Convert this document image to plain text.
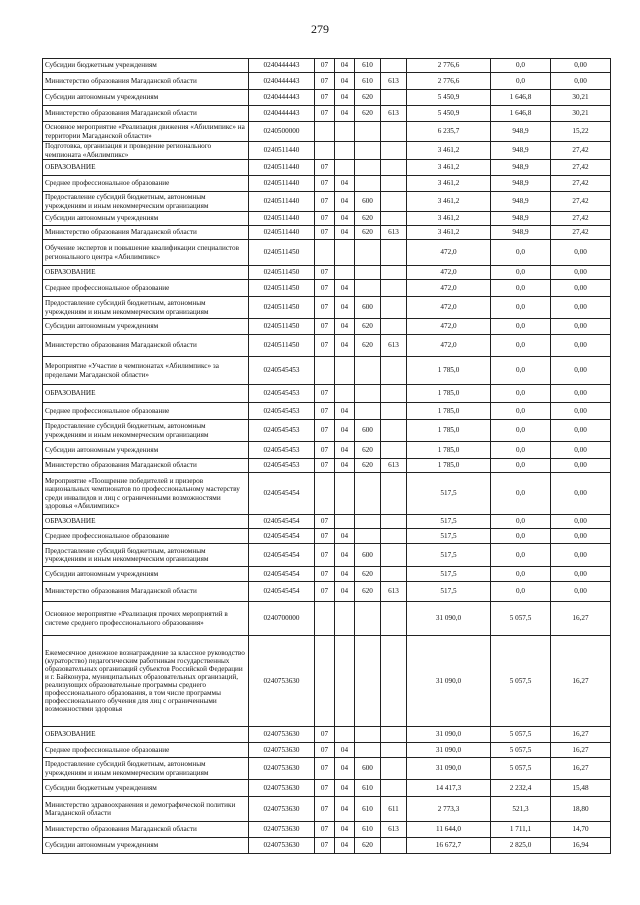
279
Субсидии бюджетным учреждениям	0240444443	07	04	610		2 776,6	0,0	0,00
Министерство образования Магаданской области	0240444443	07	04	610	613	2 776,6	0,0	0,00
Субсидии автономным учреждениям	0240444443	07	04	620		5 450,9	1 646,8	30,21
Министерство образования Магаданской области	0240444443	07	04	620	613	5 450,9	1 646,8	30,21
Основное мероприятие «Реализация движения «Абилимпикс» на территории Магаданской области»	0240500000					6 235,7	948,9	15,22
Подготовка, организация и проведение регионального чемпионата «Абилимпикс»	0240511440					3 461,2	948,9	27,42
ОБРАЗОВАНИЕ	0240511440	07				3 461,2	948,9	27,42
Среднее профессиональное образование	0240511440	07	04			3 461,2	948,9	27,42
Предоставление субсидий бюджетным, автономным учреждениям и иным некоммерческим организациям	0240511440	07	04	600		3 461,2	948,9	27,42
Субсидии автономным учреждениям	0240511440	07	04	620		3 461,2	948,9	27,42
Министерство образования Магаданской области	0240511440	07	04	620	613	3 461,2	948,9	27,42
Обучение экспертов и повышение квалификации специалистов регионального центра «Абилимпикс»	0240511450					472,0	0,0	0,00
ОБРАЗОВАНИЕ	0240511450	07				472,0	0,0	0,00
Среднее профессиональное образование	0240511450	07	04			472,0	0,0	0,00
Предоставление субсидий бюджетным, автономным учреждениям и иным некоммерческим организациям	0240511450	07	04	600		472,0	0,0	0,00
Субсидии автономным учреждениям	0240511450	07	04	620		472,0	0,0	0,00
Министерство образования Магаданской области	0240511450	07	04	620	613	472,0	0,0	0,00
Мероприятие «Участие в чемпионатах «Абилимпикс» за пределами Магаданской области»	0240545453					1 785,0	0,0	0,00
ОБРАЗОВАНИЕ	0240545453	07				1 785,0	0,0	0,00
Среднее профессиональное образование	0240545453	07	04			1 785,0	0,0	0,00
Предоставление субсидий бюджетным, автономным учреждениям и иным некоммерческим организациям	0240545453	07	04	600		1 785,0	0,0	0,00
Субсидии автономным учреждениям	0240545453	07	04	620		1 785,0	0,0	0,00
Министерство образования Магаданской области	0240545453	07	04	620	613	1 785,0	0,0	0,00
Мероприятие «Поощрение победителей и призеров национальных чемпионатов по профессиональному мастерству среди инвалидов и лиц с ограниченными возможностями здоровья «Абилимпикс»	0240545454					517,5	0,0	0,00
ОБРАЗОВАНИЕ	0240545454	07				517,5	0,0	0,00
Среднее профессиональное образование	0240545454	07	04			517,5	0,0	0,00
Предоставление субсидий бюджетным, автономным учреждениям и иным некоммерческим организациям	0240545454	07	04	600		517,5	0,0	0,00
Субсидии автономным учреждениям	0240545454	07	04	620		517,5	0,0	0,00
Министерство образования Магаданской области	0240545454	07	04	620	613	517,5	0,0	0,00
Основное мероприятие «Реализация прочих мероприятий в системе среднего профессионального образования»	0240700000					31 090,0	5 057,5	16,27
Ежемесячное денежное вознаграждение за классное руководство (кураторство) педагогическим работникам государственных образовательных организаций субъектов Российской Федерации и г. Байконура, муниципальных образовательных организаций, реализующих образовательные программы среднего профессионального образования, в том числе программы профессионального обучения для лиц с ограниченными возможностями здоровья	0240753630					31 090,0	5 057,5	16,27
ОБРАЗОВАНИЕ	0240753630	07				31 090,0	5 057,5	16,27
Среднее профессиональное образование	0240753630	07	04			31 090,0	5 057,5	16,27
Предоставление субсидий бюджетным, автономным учреждениям и иным некоммерческим организациям	0240753630	07	04	600		31 090,0	5 057,5	16,27
Субсидии бюджетным учреждениям	0240753630	07	04	610		14 417,3	2 232,4	15,48
Министерство здравоохранения и демографической политики Магаданской области	0240753630	07	04	610	611	2 773,3	521,3	18,80
Министерство образования Магаданской области	0240753630	07	04	610	613	11 644,0	1 711,1	14,70
Субсидии автономным учреждениям	0240753630	07	04	620		16 672,7	2 825,0	16,94
